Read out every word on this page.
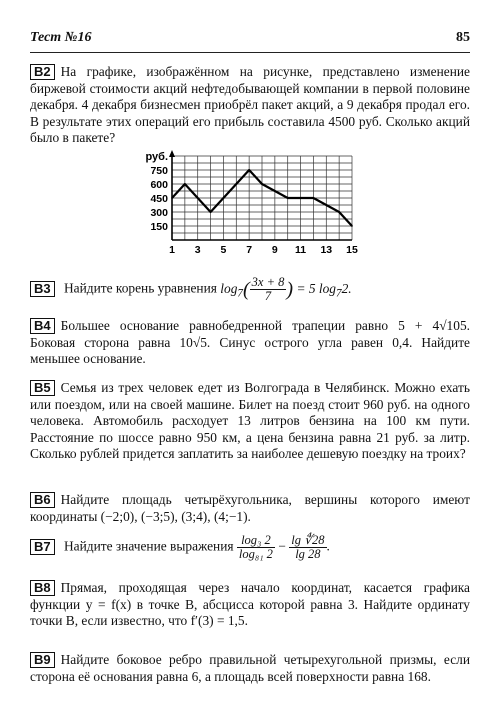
Тест №16	85
B2 На графике, изображённом на рисунке, представлено изменение биржевой стоимости акций нефтедобывающей компании в первой половине декабря. 4 декабря бизнесмен приобрёл пакет акций, а 9 декабря продал его. В результате этих операций его прибыль составила 4500 руб. Сколько акций было в пакете?
руб.
150
300
450
600
750
1 3 5 7 9 11 13 15
B3 Найдите корень уравнения $\log_7( \frac{3x + 8}{7}$ ) = 5 $\log_72$.
B4 Большее основание равнобедренной трапеции равно 5 + 4√105. Боковая сторона равна 10√5. Синус острого угла равен 0,4. Найдите меньшее основание.
B5 Семья из трех человек едет из Волгограда в Челябинск. Можно ехать или поездом, или на своей машине. Билет на поезд стоит 960 руб. на одного человека. Автомобиль расходует 13 литров бензина на 100 км пути. Расстояние по шоссе равно 950 км, а цена бензина равна 21 руб. за литр. Сколько рублей придется заплатить за наиболее дешевую поездку на троих?
B6 Найдите площадь четырёхугольника, вершины которого имеют координаты (−2;0), (−3;5), (3;4), (4;−1).
B7 Найдите значение выражения $\frac{\text{log₃ 2}}{\text{log₈₁ 2}} - \frac{\lg ∜28}{\lg 28}$ .
B8 Прямая, проходящая через начало координат, касается графика функции y = f(x) в точке B, абсцисса которой равна 3. Найдите ординату точки B, если известно, что f′(3) = 1,5.
B9 Найдите боковое ребро правильной четырехугольной призмы, если сторона её основания равна 6, а площадь всей поверхности равна 168.
